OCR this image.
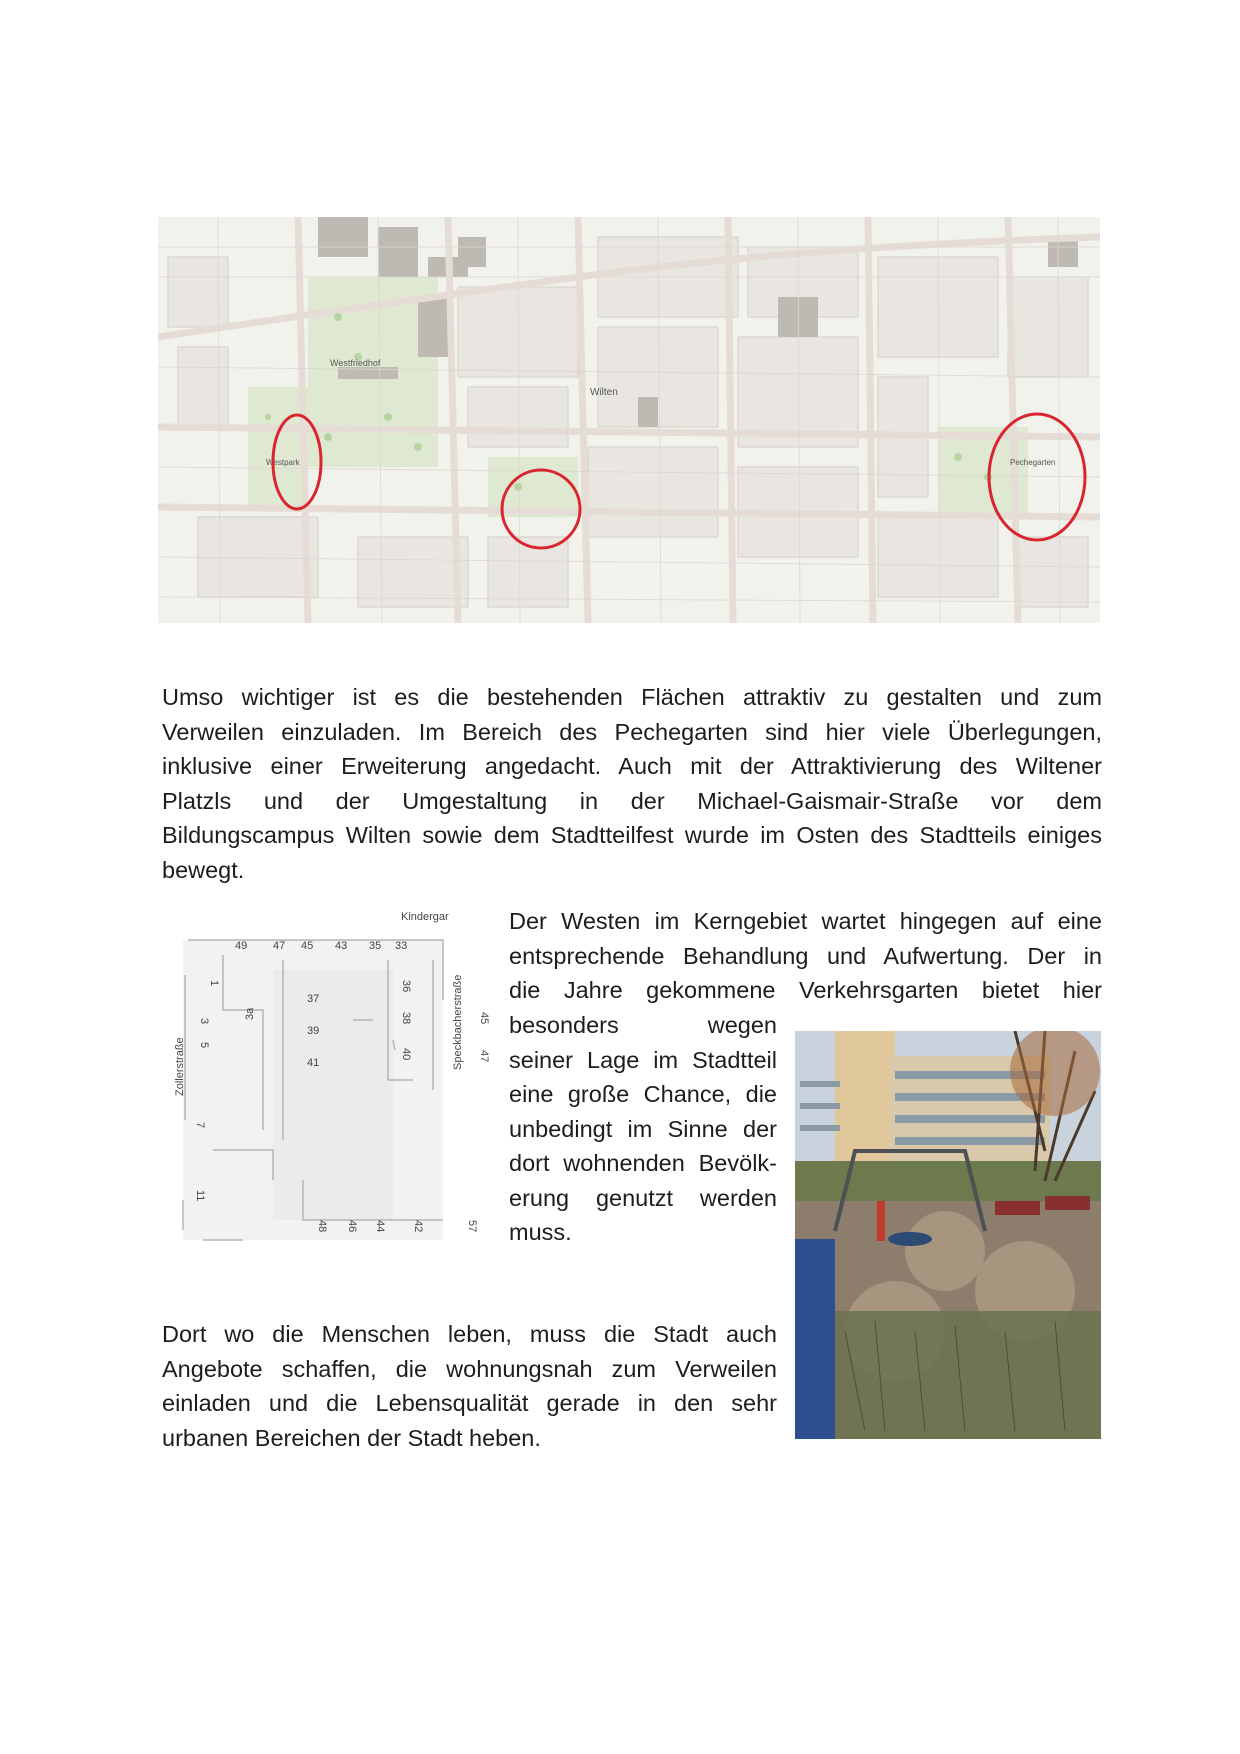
Westfriedhof
Wilten
Westpark	Pechegarten
Umso wichtiger ist es die bestehenden Flächen attraktiv zu gestalten und zum
Verweilen einzuladen. Im Bereich des Pechegarten sind hier viele Überlegungen,
inklusive einer Erweiterung angedacht. Auch mit der Attraktivierung des Wiltener
Platzls und der Umgestaltung in der Michael-Gaismair-Straße vor dem
Bildungscampus Wilten sowie dem Stadtteilfest wurde im Osten des Stadtteils einiges
bewegt.
Kindergar
49 47 45 43 35 33
Zollerstraße	Speckbacherstraße
1
3
5
7
11
3a
37
39
41
36
38
40	47
45
48 46 44 42	57
Der Westen im Kerngebiet wartet hingegen auf eine
entsprechende Behandlung und Aufwertung. Der in
die Jahre gekommene Verkehrsgarten bietet hier
besonders wegen
seiner Lage im Stadtteil
eine große Chance, die
unbedingt im Sinne der
dort wohnenden Bevölk-
erung genutzt werden
muss.
Dort wo die Menschen leben, muss die Stadt auch
Angebote schaffen, die wohnungsnah zum Verweilen
einladen und die Lebensqualität gerade in den sehr
urbanen Bereichen der Stadt heben.
